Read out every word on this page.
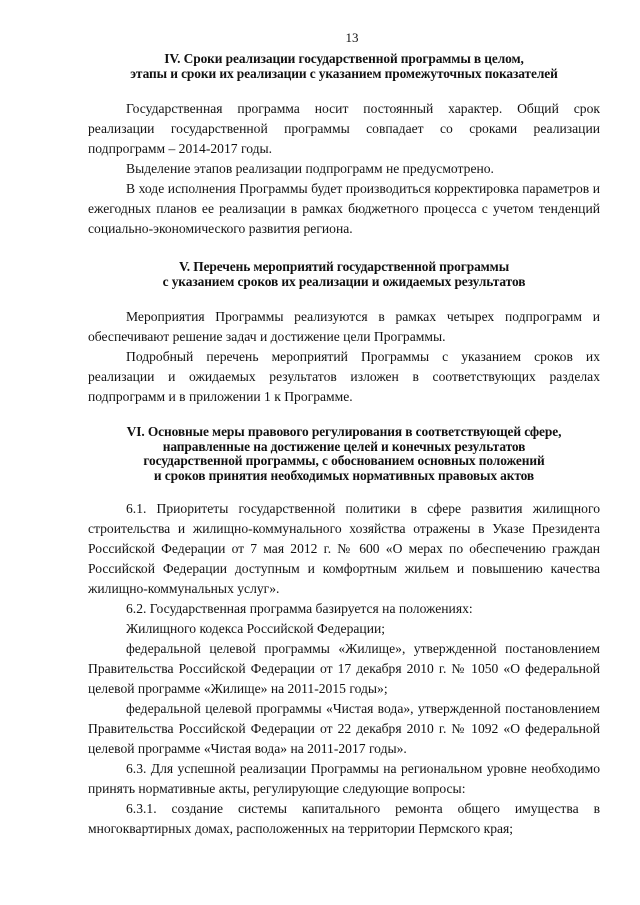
13
IV. Сроки реализации государственной программы в целом,
этапы и сроки их реализации с указанием промежуточных показателей

Государственная программа носит постоянный характер. Общий срок реализации государственной программы совпадает со сроками реализации подпрограмм – 2014-2017 годы.

Выделение этапов реализации подпрограмм не предусмотрено.

В ходе исполнения Программы будет производиться корректировка параметров и ежегодных планов ее реализации в рамках бюджетного процесса с учетом тенденций социально-экономического развития региона.

V. Перечень мероприятий государственной программы
с указанием сроков их реализации и ожидаемых результатов

Мероприятия Программы реализуются в рамках четырех подпрограмм и обеспечивают решение задач и достижение цели Программы.

Подробный перечень мероприятий Программы с указанием сроков их реализации и ожидаемых результатов изложен в соответствующих разделах подпрограмм и в приложении 1 к Программе.

VI. Основные меры правового регулирования в соответствующей сфере,
направленные на достижение целей и конечных результатов
государственной программы, с обоснованием основных положений
и сроков принятия необходимых нормативных правовых актов

6.1. Приоритеты государственной политики в сфере развития жилищного строительства и жилищно-коммунального хозяйства отражены в Указе Президента Российской Федерации от 7 мая 2012 г. № 600 «О мерах по обеспечению граждан Российской Федерации доступным и комфортным жильем и повышению качества жилищно-коммунальных услуг».

6.2. Государственная программа базируется на положениях:

Жилищного кодекса Российской Федерации;

федеральной целевой программы «Жилище», утвержденной постановлением Правительства Российской Федерации от 17 декабря 2010 г. № 1050 «О федеральной целевой программе «Жилище» на 2011-2015 годы»;

федеральной целевой программы «Чистая вода», утвержденной постановлением Правительства Российской Федерации от 22 декабря 2010 г. № 1092 «О федеральной целевой программе «Чистая вода» на 2011-2017 годы».

6.3. Для успешной реализации Программы на региональном уровне необходимо принять нормативные акты, регулирующие следующие вопросы:

6.3.1. создание системы капитального ремонта общего имущества в многоквартирных домах, расположенных на территории Пермского края;
